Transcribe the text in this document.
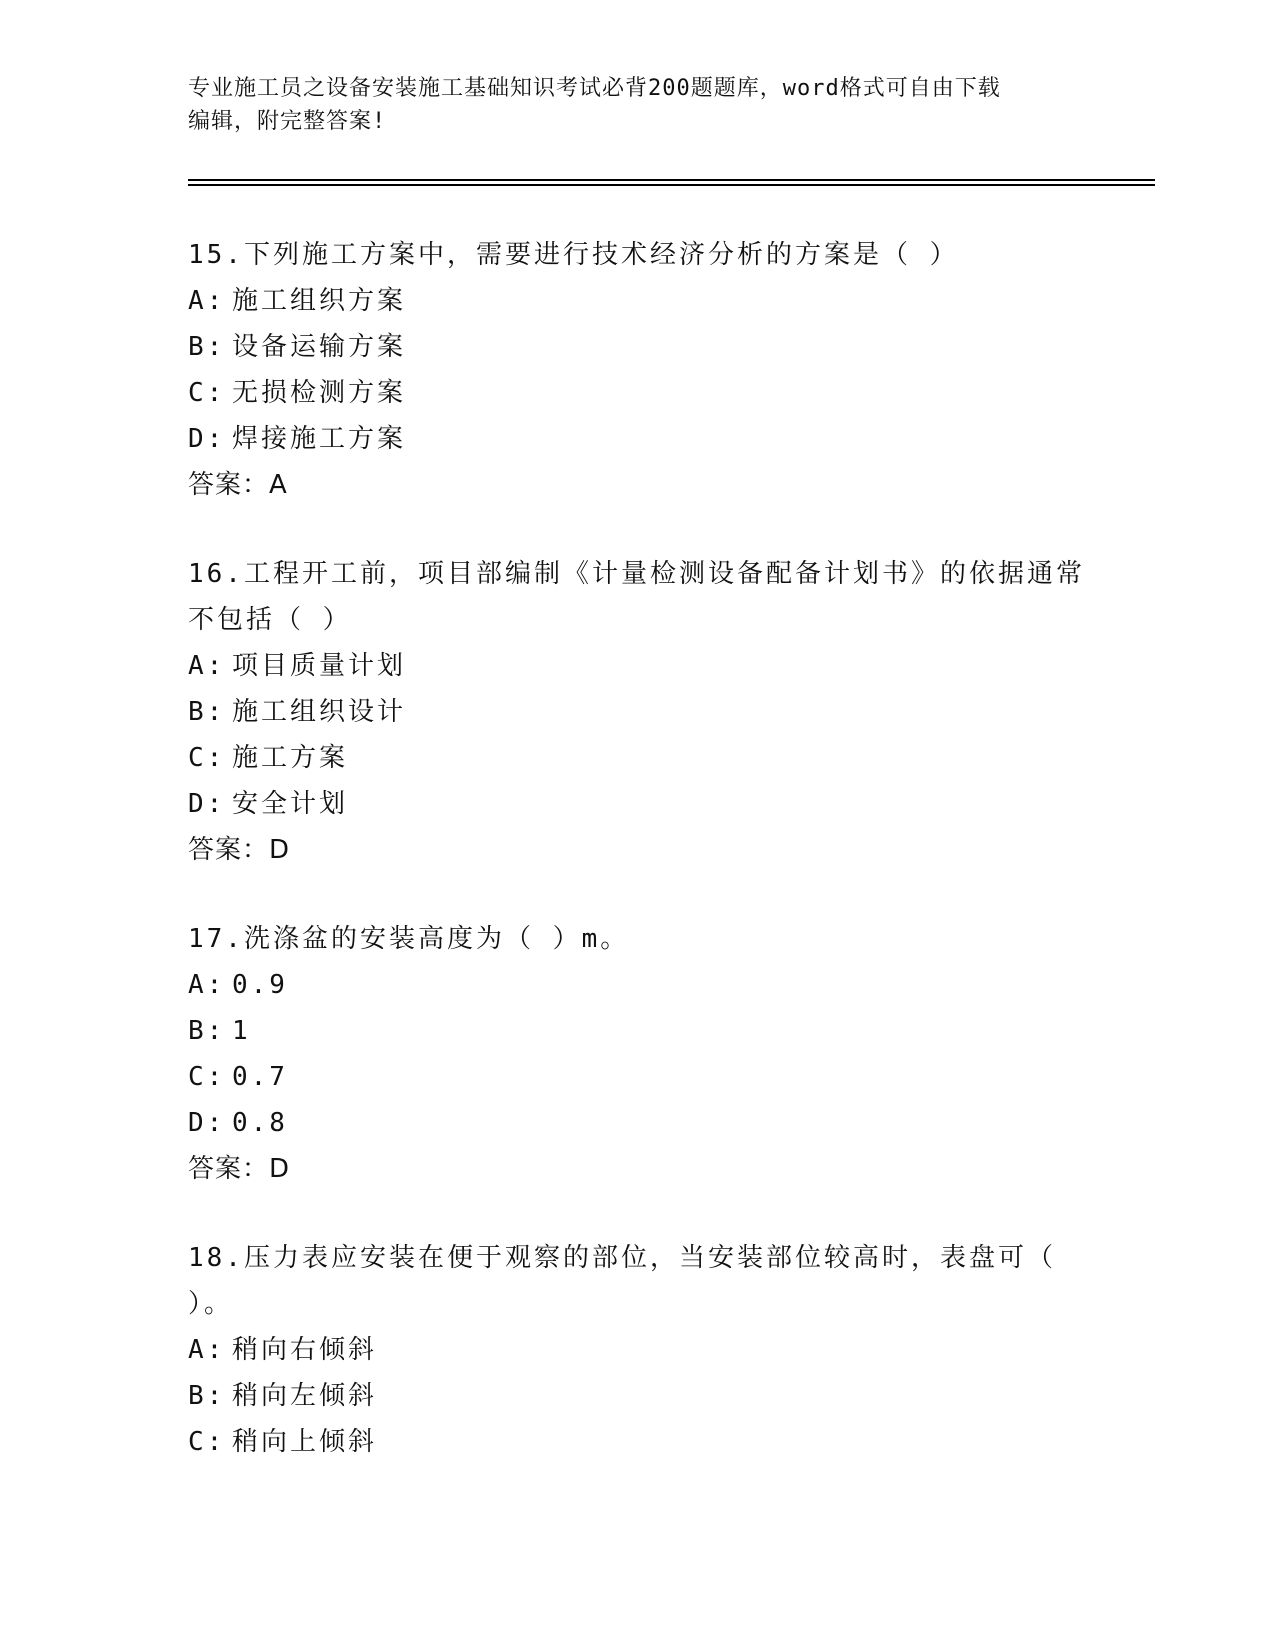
专业施工员之设备安装施工基础知识考试必背200题题库，word格式可自由下载
编辑，附完整答案!
15.下列施工方案中，需要进行技术经济分析的方案是（ ）
A: 施工组织方案
B: 设备运输方案
C: 无损检测方案
D: 焊接施工方案
答案：A
16.工程开工前，项目部编制《计量检测设备配备计划书》的依据通常
不包括（ ）
A: 项目质量计划
B: 施工组织设计
C: 施工方案
D: 安全计划
答案：D
17.洗涤盆的安装高度为（ ）m。
A: 0.9
B: 1
C: 0.7
D: 0.8
答案：D
18.压力表应安装在便于观察的部位，当安装部位较高时，表盘可（
）。
A: 稍向右倾斜
B: 稍向左倾斜
C: 稍向上倾斜
